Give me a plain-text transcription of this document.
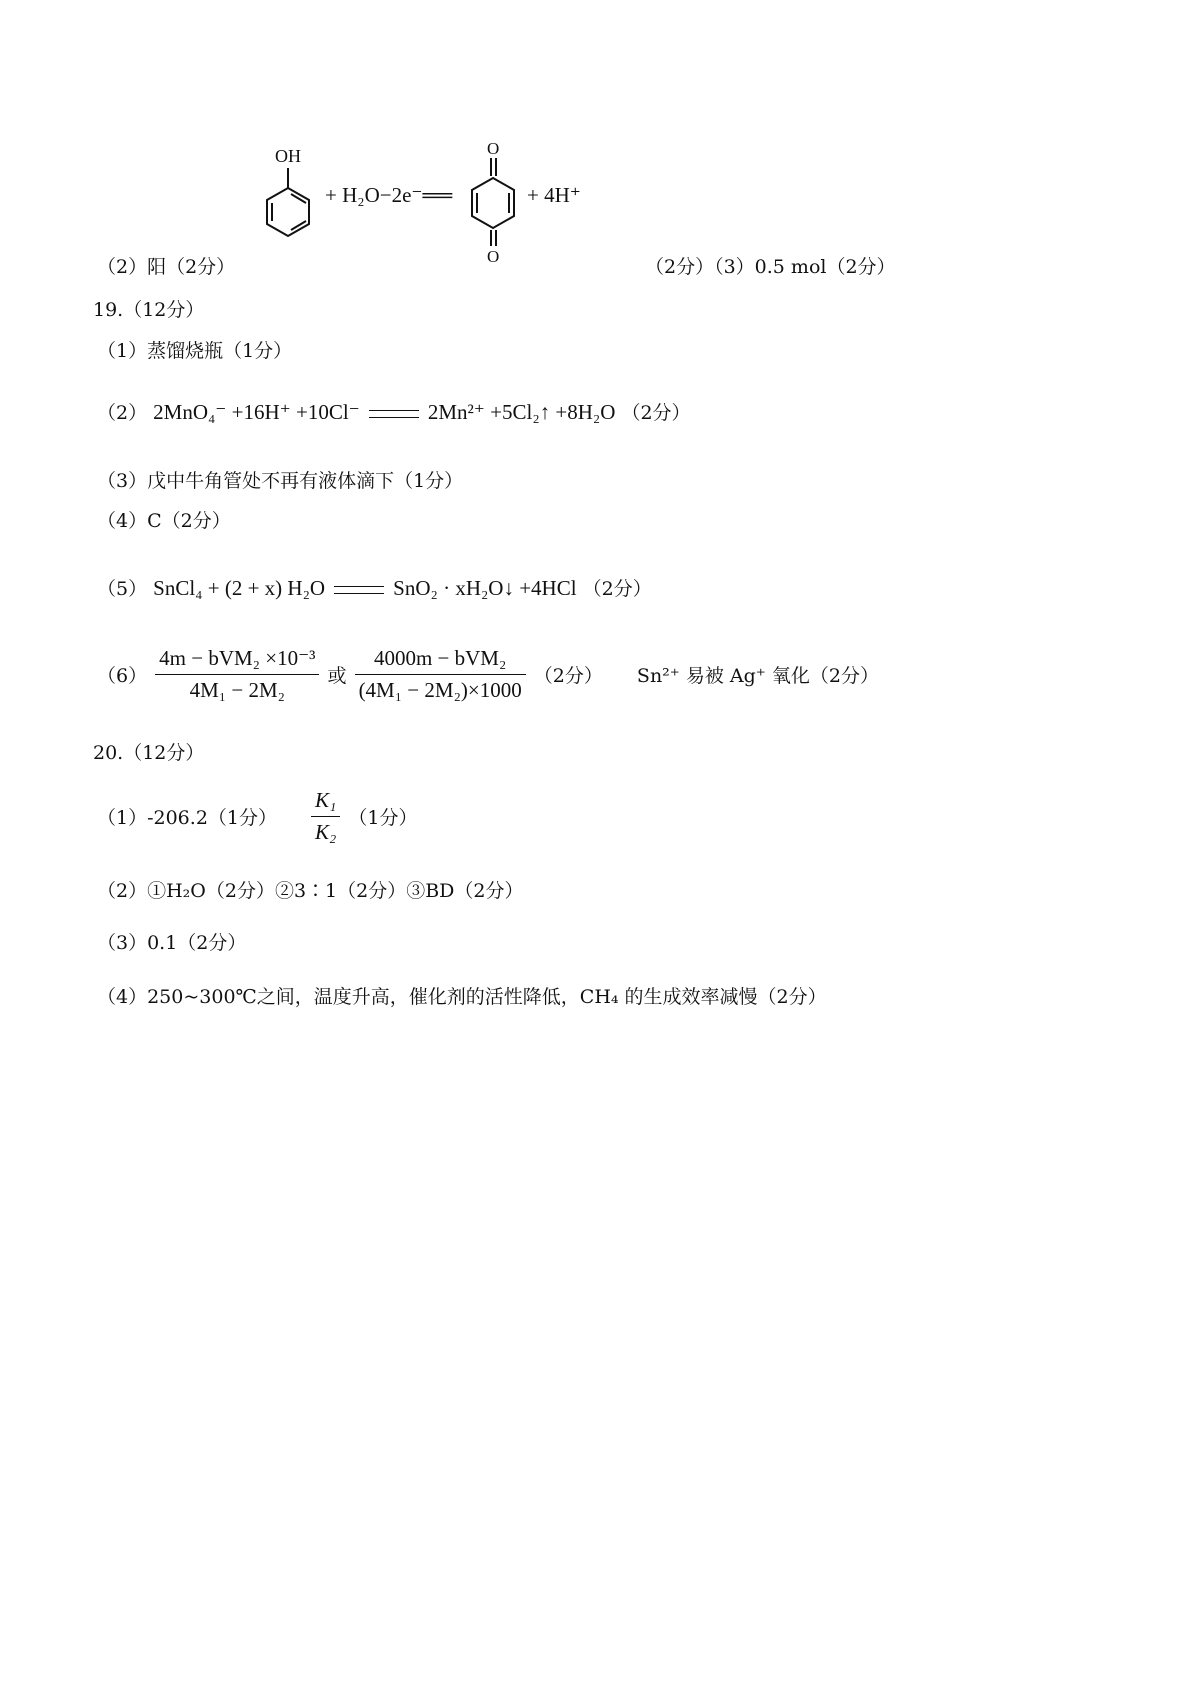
（2）阳（2分）
OH
+ H₂O−2e⁻══
O
O
+ 4H⁺
（2分）（3）0.5 mol（2分）
19.（12分）
（1）蒸馏烧瓶（1分）
（2） 2MnO₄⁻ +16H⁺ +10Cl⁻	2Mn²⁺ +5Cl₂↑ +8H₂O （2分）
（3）戊中牛角管处不再有液体滴下（1分）
（4）C（2分）
（5） SnCl₄ + (2 + x) H₂O	SnO₂ · xH₂O↓ +4HCl （2分）
$(6) \frac{\text{4m − bVM₂ ×10⁻³}}{\text{4M₁ − 2M₂}}$ 或 $\frac{\text{4000m − bVM₂}}{\text{(4M₁ − 2M₂)×1000}} (2$分） Sn²⁺ 易被 Ag⁺ 氧化（2分）
20.（12分）
（1）-206.2（1分） $\frac{\text{K₁}}{\text{K₂}} (1$分）
（2）①H₂O（2分）②3∶1（2分）③BD（2分）
（3）0.1（2分）
（4）250~300℃之间，温度升高，催化剂的活性降低，CH₄ 的生成效率减慢（2分）
